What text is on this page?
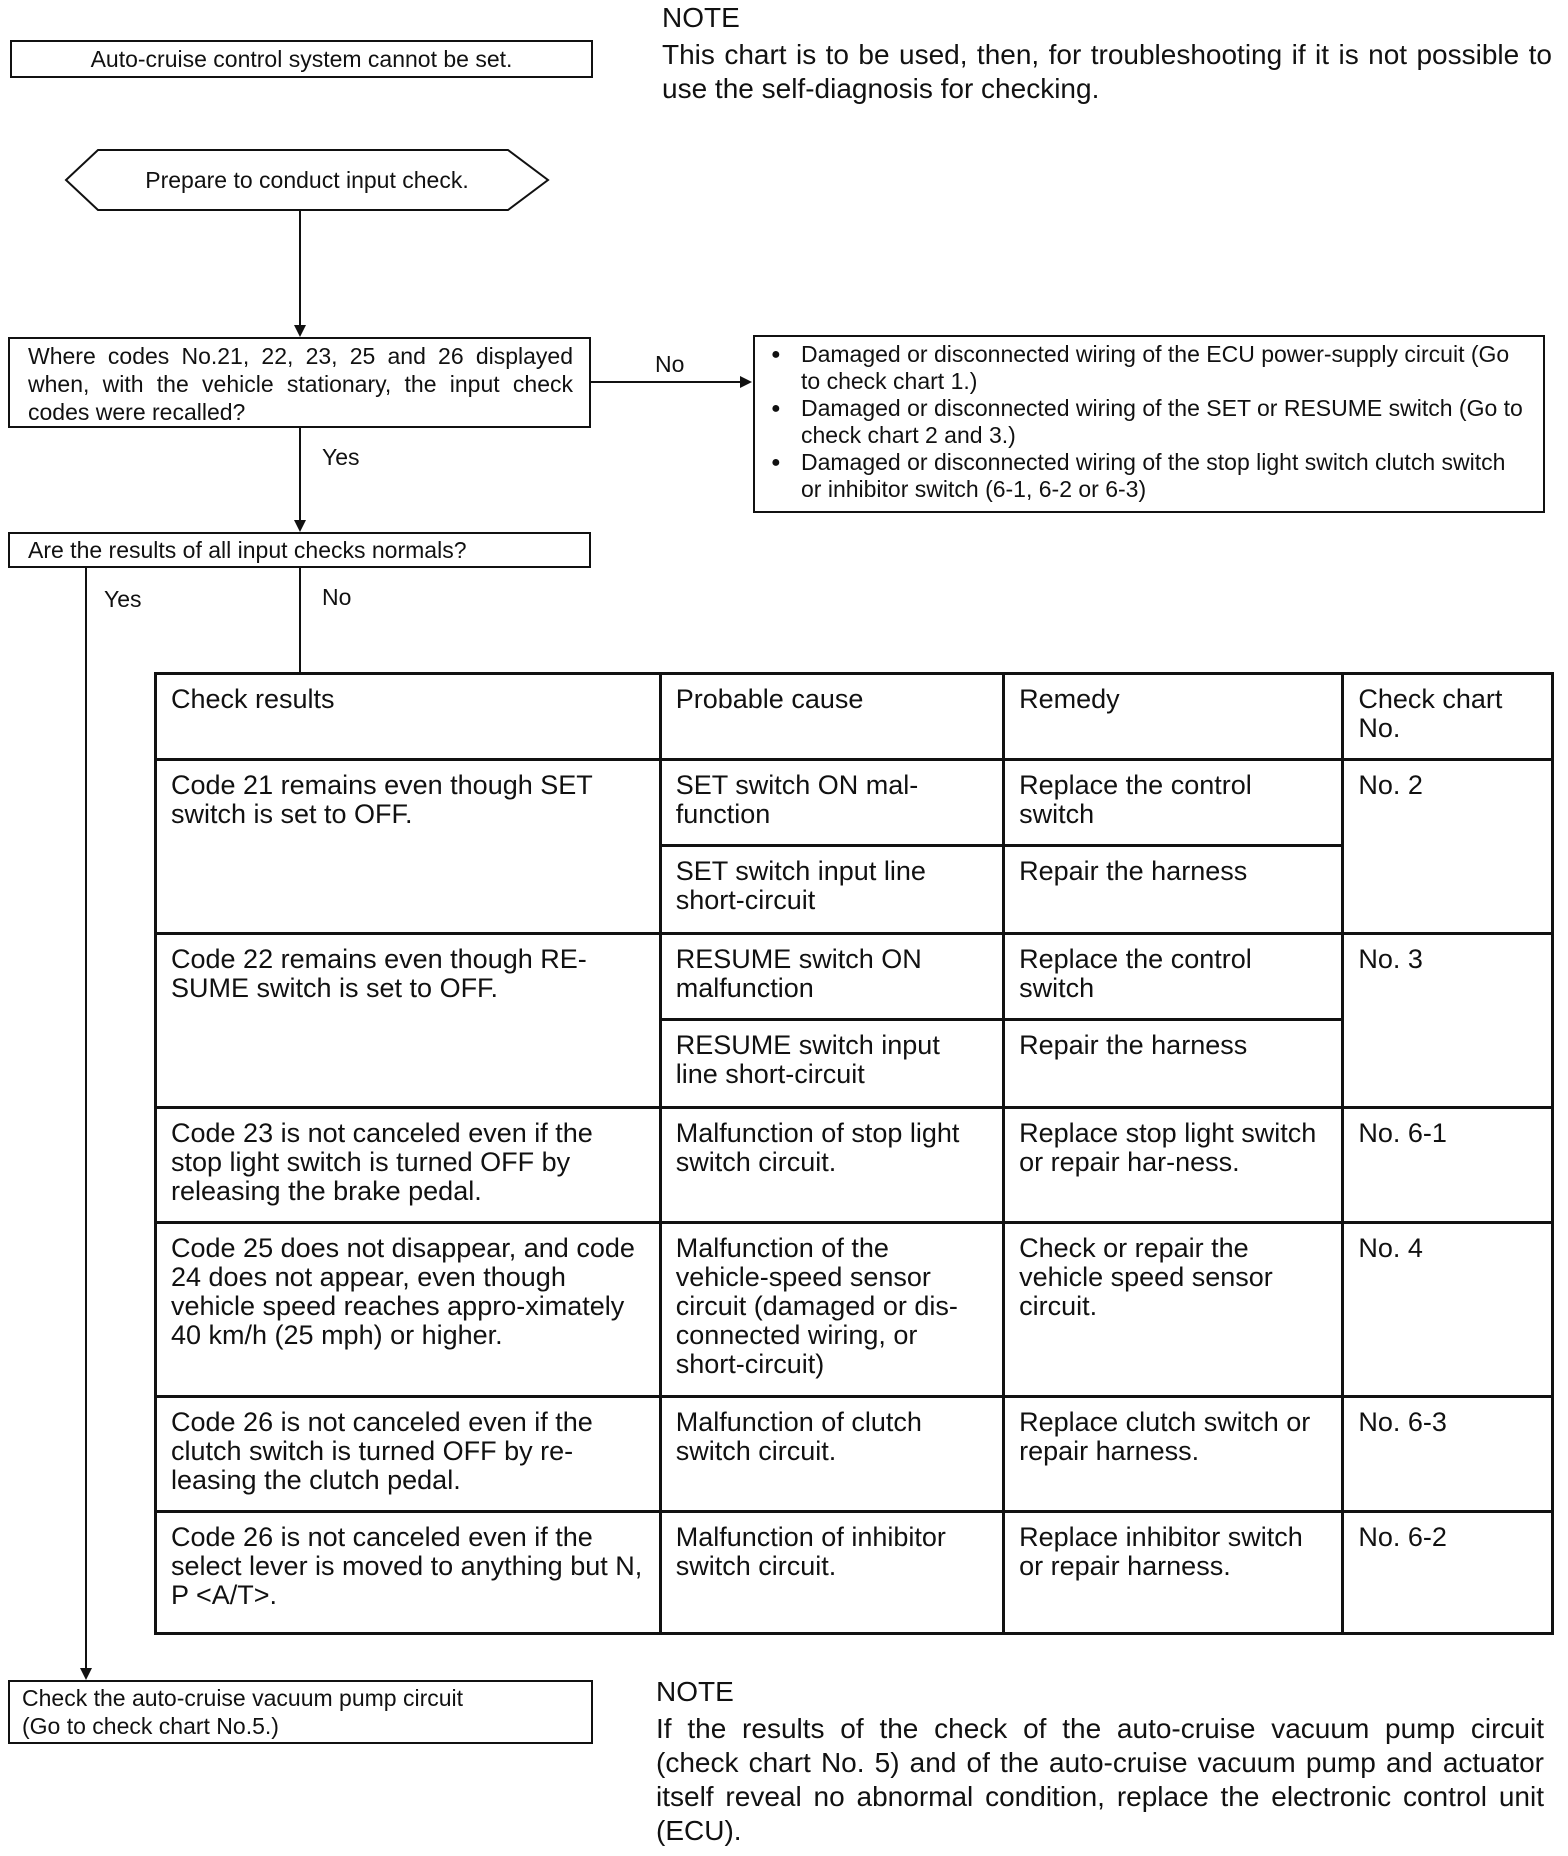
Auto-cruise control system cannot be set.
NOTE
This chart is to be used, then, for troubleshooting if it is not possible to use the self-diagnosis for checking.
Prepare to conduct input check.
Where codes No.21, 22, 23, 25 and 26 displayed when, with the vehicle stationary, the input check codes were recalled?
No
Yes
● Damaged or disconnected wiring of the ECU power-supply circuit (Go to check chart 1.)
● Damaged or disconnected wiring of the SET or RESUME switch (Go to check chart 2 and 3.)
● Damaged or disconnected wiring of the stop light switch clutch switch or inhibitor switch (6-1, 6-2 or 6-3)
Are the results of all input checks normals?
Yes	No
Check results	Probable cause	Remedy	Check chart No.
Code 21 remains even though SET switch is set to OFF.	SET switch ON mal-function	Replace the control switch	No. 2
	SET switch input line short-circuit	Repair the harness	
Code 22 remains even though RE-SUME switch is set to OFF.	RESUME switch ON malfunction	Replace the control switch	No. 3
	RESUME switch input line short-circuit	Repair the harness	
Code 23 is not canceled even if the stop light switch is turned OFF by releasing the brake pedal.	Malfunction of stop light switch circuit.	Replace stop light switch or repair har-ness.	No. 6-1
Code 25 does not disappear, and code 24 does not appear, even though vehicle speed reaches appro-ximately 40 km/h (25 mph) or higher.	Malfunction of the vehicle-speed sensor circuit (damaged or dis-connected wiring, or short-circuit)	Check or repair the vehicle speed sensor circuit.	No. 4
Code 26 is not canceled even if the clutch switch is turned OFF by re-leasing the clutch pedal.	Malfunction of clutch switch circuit.	Replace clutch switch or repair harness.	No. 6-3
Code 26 is not canceled even if the select lever is moved to anything but N, P <A/T>.	Malfunction of inhibitor switch circuit.	Replace inhibitor switch or repair harness.	No. 6-2
Check the auto-cruise vacuum pump circuit
(Go to check chart No.5.)
NOTE
If the results of the check of the auto-cruise vacuum pump circuit (check chart No. 5) and of the auto-cruise vacuum pump and actuator itself reveal no abnormal condition, replace the electronic control unit (ECU).
